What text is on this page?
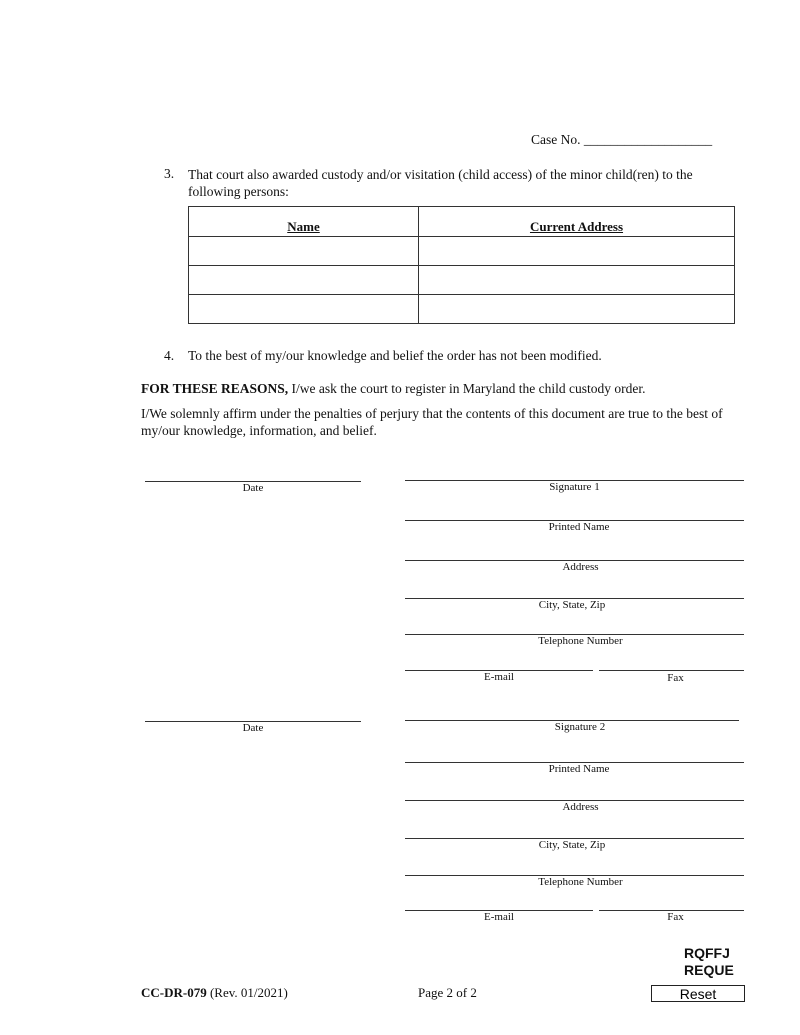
Case No. ___________________
3. That court also awarded custody and/or visitation (child access) of the minor child(ren) to the following persons:
Name	Current Address

4. To the best of my/our knowledge and belief the order has not been modified.
FOR THESE REASONS, I/we ask the court to register in Maryland the child custody order.
I/We solemnly affirm under the penalties of perjury that the contents of this document are true to the best of my/our knowledge, information, and belief.
Date	Signature 1
Printed Name
Address
City, State, Zip
Telephone Number
E-mail	Fax
Date	Signature 2
Printed Name
Address
City, State, Zip
Telephone Number
E-mail	Fax
CC-DR-079 (Rev. 01/2021)	Page 2 of 2
RQFFJ
REQUE
Reset
